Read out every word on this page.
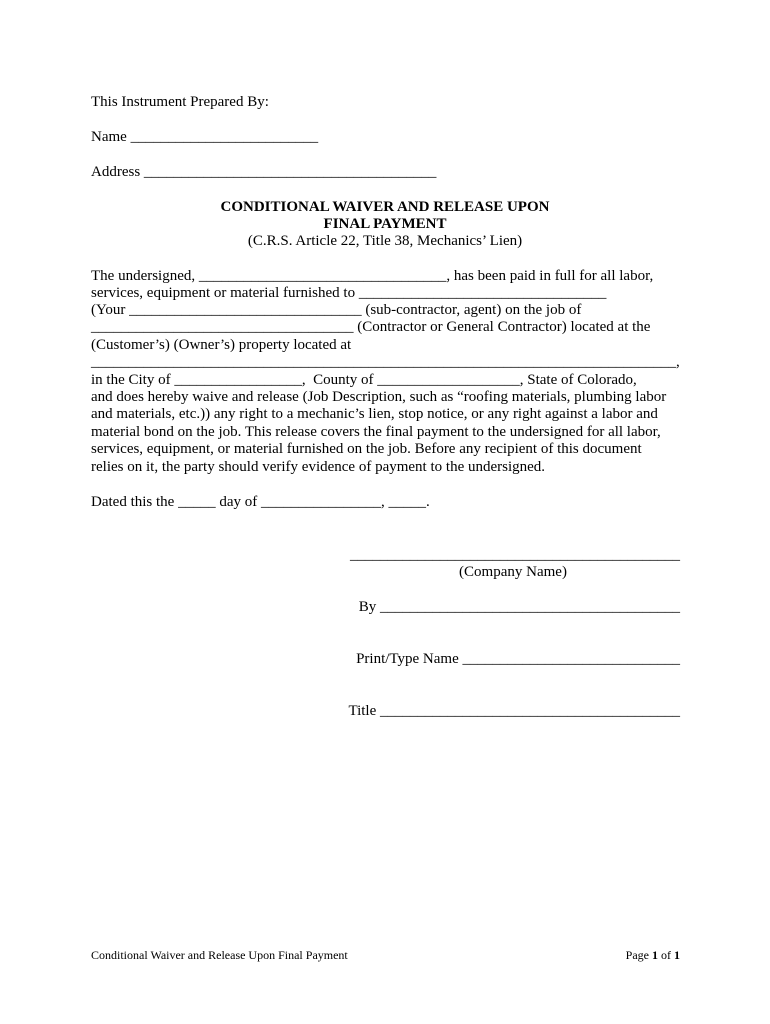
This Instrument Prepared By:
Name _________________________
Address _______________________________________
CONDITIONAL WAIVER AND RELEASE UPON
FINAL PAYMENT
(C.R.S. Article 22, Title 38, Mechanics’ Lien)
The undersigned, _________________________________, has been paid in full for all labor,
services, equipment or material furnished to _________________________________
(Your _______________________________ (sub-contractor, agent) on the job of
___________________________________ (Contractor or General Contractor) located at the
(Customer’s) (Owner’s) property located at
______________________________________________________________________________,
in the City of _________________,  County of ___________________, State of Colorado,
and does hereby waive and release (Job Description, such as “roofing materials, plumbing labor
and materials, etc.)) any right to a mechanic’s lien, stop notice, or any right against a labor and
material bond on the job. This release covers the final payment to the undersigned for all labor,
services, equipment, or material furnished on the job. Before any recipient of this document
relies on it, the party should verify evidence of payment to the undersigned.
Dated this the _____ day of ________________, _____.
____________________________________________
(Company Name)
By ________________________________________
Print/Type Name _____________________________
Title ________________________________________
Conditional Waiver and Release Upon Final Payment	Page 1 of 1
